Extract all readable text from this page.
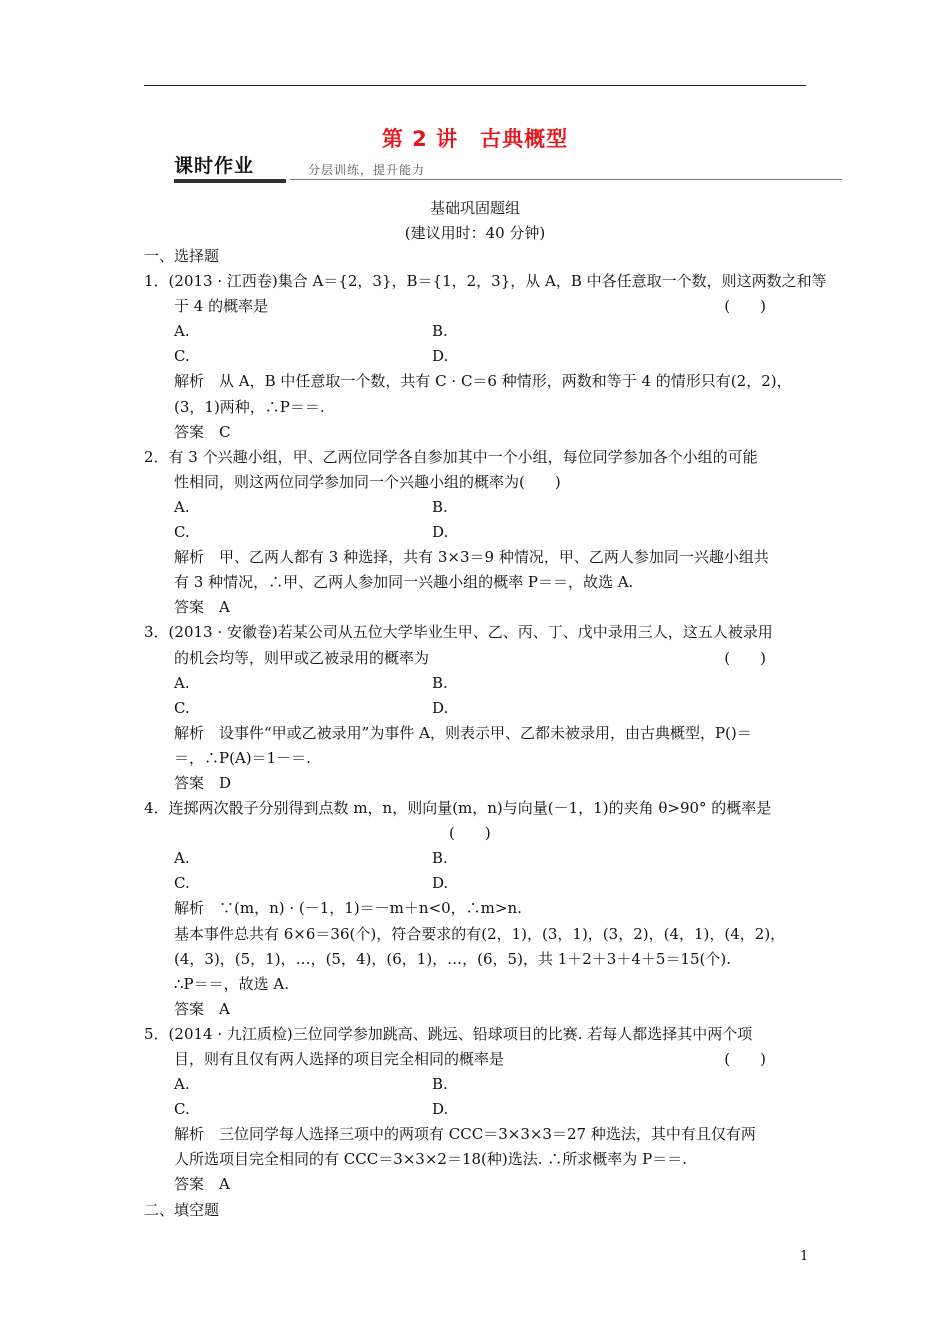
第 2 讲　古典概型
课时作业	分层训练，提升能力
基础巩固题组
(建议用时：40 分钟)
一、选择题
1．(2013 · 江西卷)集合 A＝{2，3}，B＝{1，2，3}，从 A，B 中各任意取一个数，则这两数之和等
于 4 的概率是	(　　)
A.	B.
C.	D.
解析　从 A，B 中任意取一个数，共有 C · C＝6 种情形，两数和等于 4 的情形只有(2，2)，
(3，1)两种，∴P＝＝.
答案　C
2．有 3 个兴趣小组，甲、乙两位同学各自参加其中一个小组，每位同学参加各个小组的可能
性相同，则这两位同学参加同一个兴趣小组的概率为(　　)
A.	B.
C.	D.
解析　甲、乙两人都有 3 种选择，共有 3×3＝9 种情况，甲、乙两人参加同一兴趣小组共
有 3 种情况，∴甲、乙两人参加同一兴趣小组的概率 P＝＝，故选 A.
答案　A
3．(2013 · 安徽卷)若某公司从五位大学毕业生甲、乙、丙、丁、戊中录用三人，这五人被录用
的机会均等，则甲或乙被录用的概率为	(　　)
A.	B.
C.	D.
解析　设事件“甲或乙被录用”为事件 A，则表示甲、乙都未被录用，由古典概型，P()＝
＝，∴P(A)＝1－＝.
答案　D
4．连掷两次骰子分别得到点数 m，n，则向量(m，n)与向量(－1，1)的夹角 θ>90° 的概率是
(　　)
A.	B.
C.	D.
解析　∵(m，n) · (－1，1)＝－m＋n<0，∴m>n.
基本事件总共有 6×6＝36(个)，符合要求的有(2，1)，(3，1)，(3，2)，(4，1)，(4，2)，
(4，3)，(5，1)，…，(5，4)，(6，1)，…，(6，5)，共 1＋2＋3＋4＋5＝15(个).
∴P＝＝，故选 A.
答案　A
5．(2014 · 九江质检)三位同学参加跳高、跳远、铅球项目的比赛. 若每人都选择其中两个项
目，则有且仅有两人选择的项目完全相同的概率是	(　　)
A.	B.
C.	D.
解析　三位同学每人选择三项中的两项有 CCC＝3×3×3＝27 种选法，其中有且仅有两
人所选项目完全相同的有 CCC＝3×3×2＝18(种)选法. ∴所求概率为 P＝＝.
答案　A
二、填空题
1
